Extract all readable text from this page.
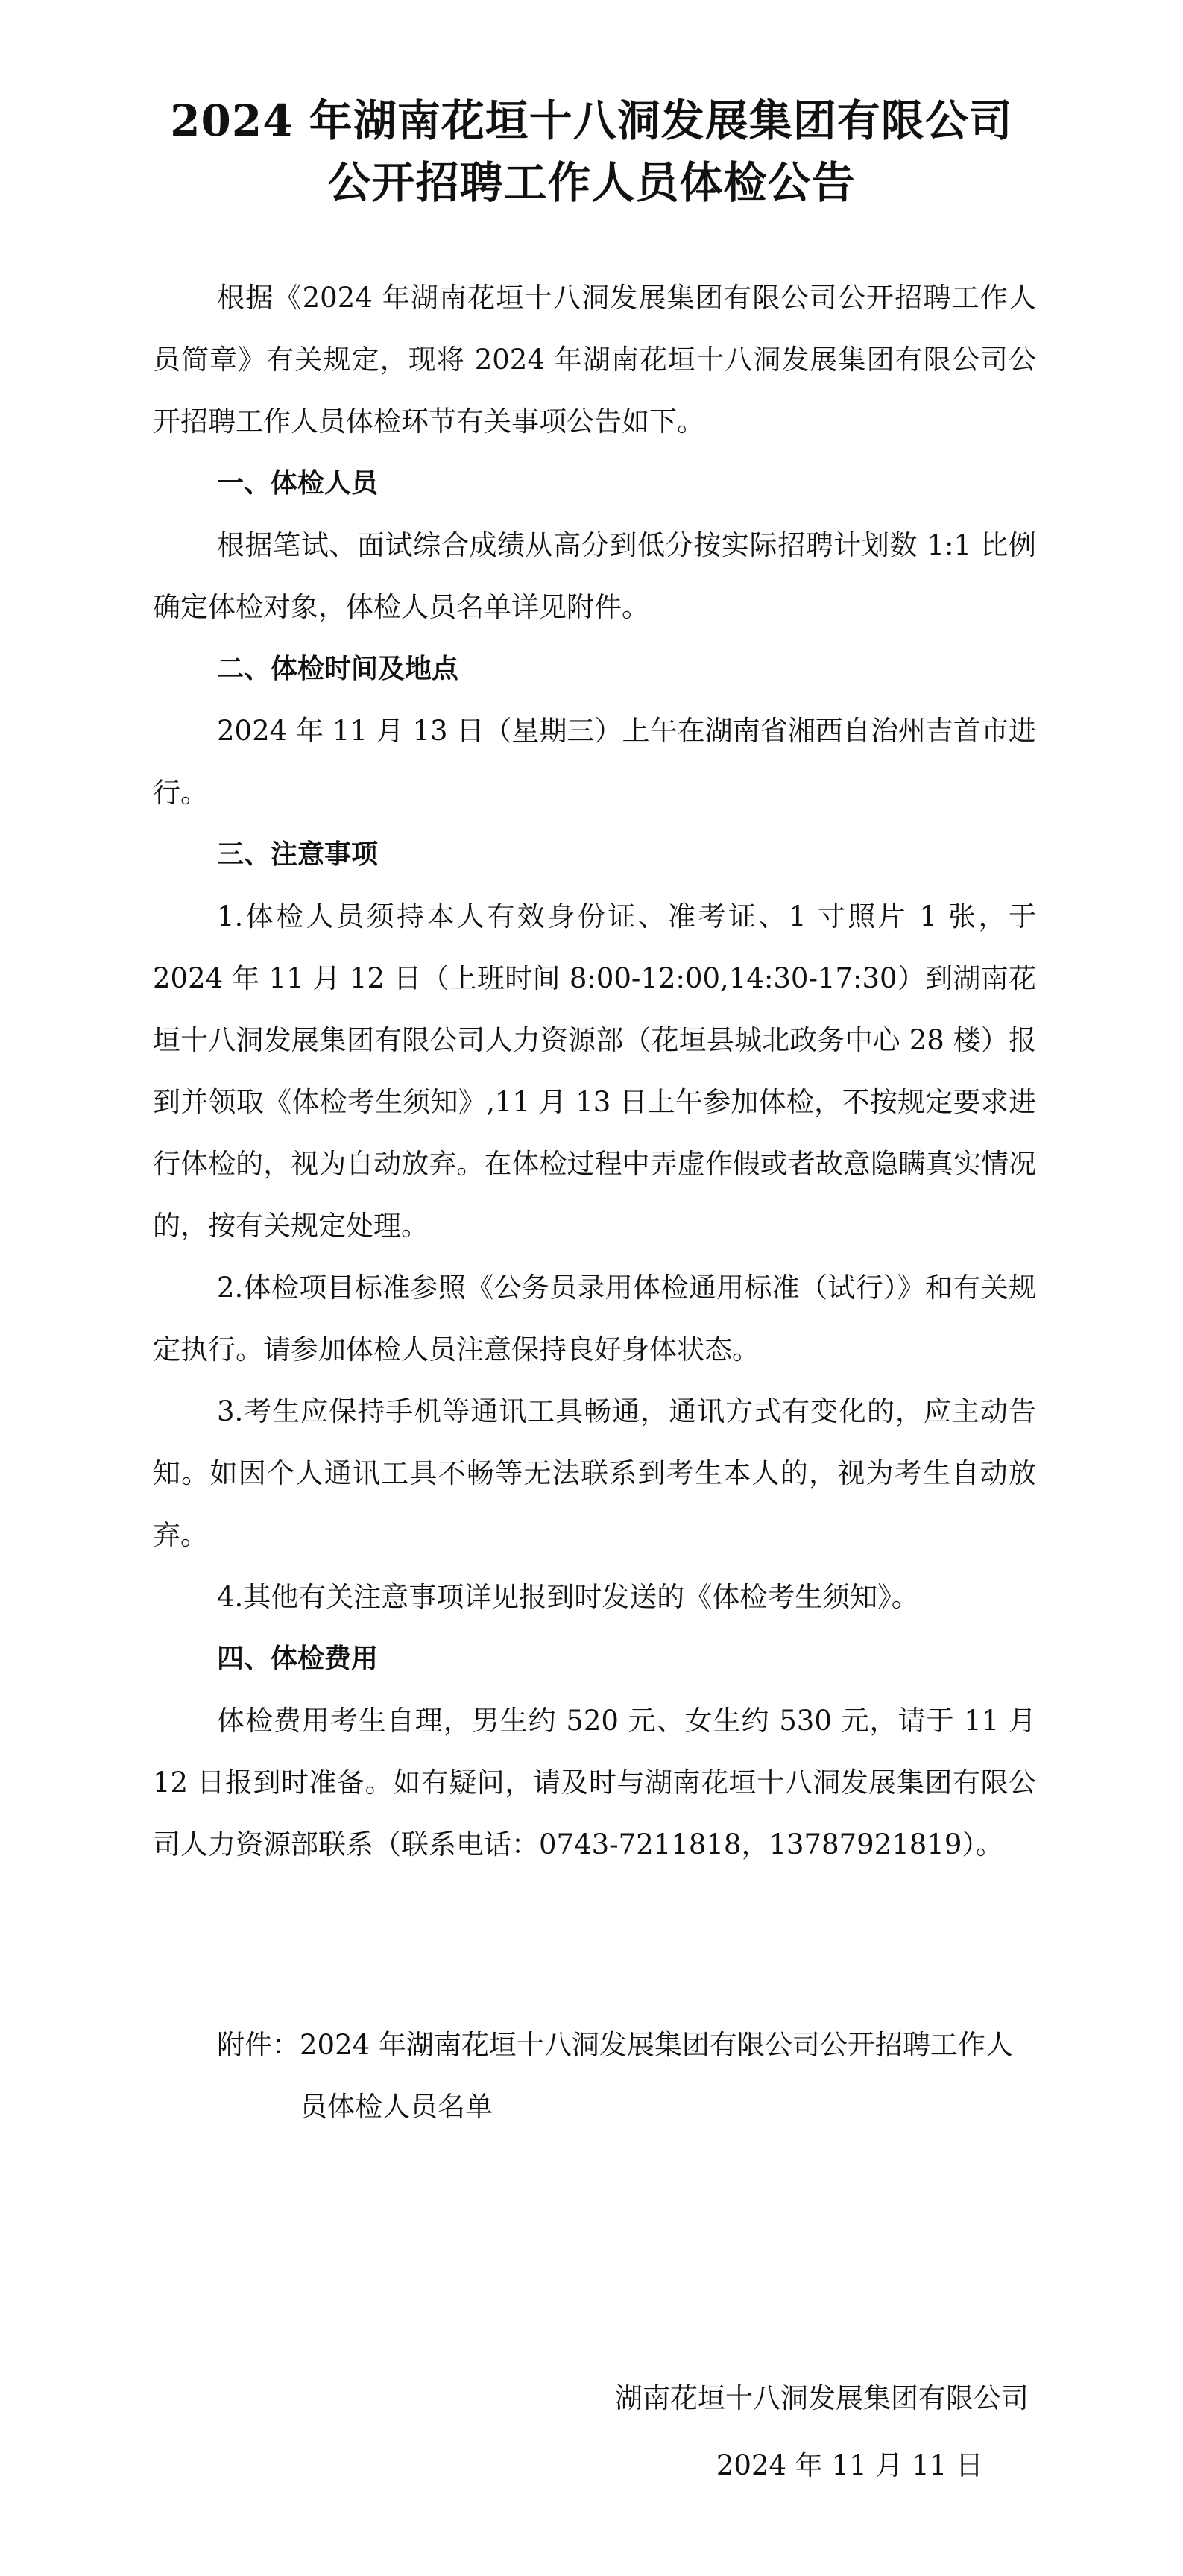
2024 年湖南花垣十八洞发展集团有限公司
公开招聘工作人员体检公告

根据《2024 年湖南花垣十八洞发展集团有限公司公开招聘工作人员简章》有关规定，现将 2024 年湖南花垣十八洞发展集团有限公司公开招聘工作人员体检环节有关事项公告如下。

一、体检人员

根据笔试、面试综合成绩从高分到低分按实际招聘计划数 1:1 比例确定体检对象，体检人员名单详见附件。

二、体检时间及地点

2024 年 11 月 13 日（星期三）上午在湖南省湘西自治州吉首市进行。

三、注意事项

1.体检人员须持本人有效身份证、准考证、1 寸照片 1 张，于 2024 年 11 月 12 日（上班时间 8:00-12:00,14:30-17:30）到湖南花垣十八洞发展集团有限公司人力资源部（花垣县城北政务中心 28 楼）报到并领取《体检考生须知》,11 月 13 日上午参加体检，不按规定要求进行体检的，视为自动放弃。在体检过程中弄虚作假或者故意隐瞒真实情况的，按有关规定处理。

2.体检项目标准参照《公务员录用体检通用标准（试行）》和有关规定执行。请参加体检人员注意保持良好身体状态。

3.考生应保持手机等通讯工具畅通，通讯方式有变化的，应主动告知。如因个人通讯工具不畅等无法联系到考生本人的，视为考生自动放弃。

4.其他有关注意事项详见报到时发送的《体检考生须知》。

四、体检费用

体检费用考生自理，男生约 520 元、女生约 530 元，请于 11 月 12 日报到时准备。如有疑问，请及时与湖南花垣十八洞发展集团有限公司人力资源部联系（联系电话：0743-7211818，13787921819）。

附件： 2024 年湖南花垣十八洞发展集团有限公司公开招聘工作人员体检人员名单
湖南花垣十八洞发展集团有限公司
2024 年 11 月 11 日
